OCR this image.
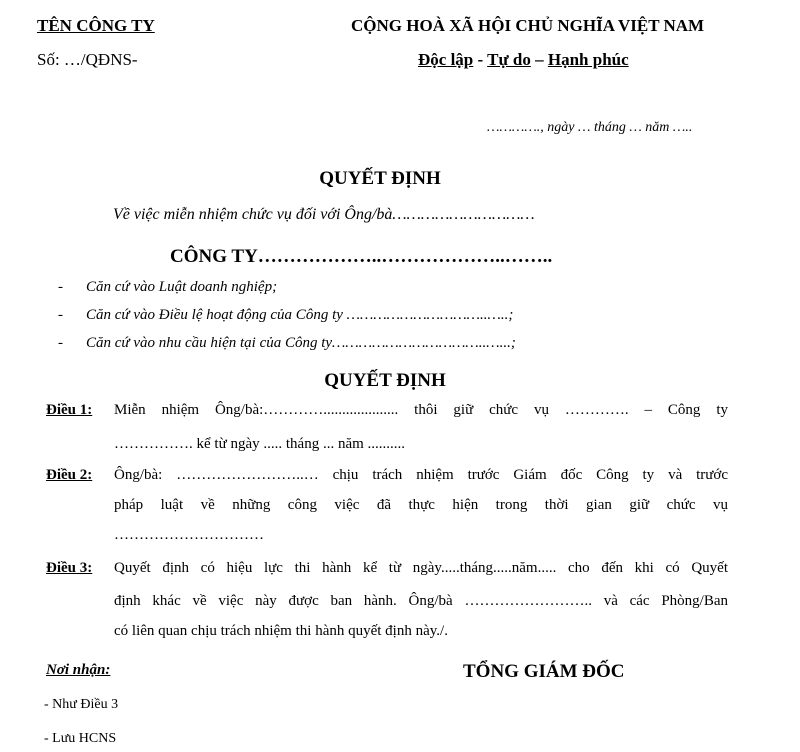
TÊN CÔNG TY
Số: …/QĐNS-
CỘNG HOÀ XÃ HỘI CHỦ NGHĨA VIỆT NAM
Độc lập - Tự do – Hạnh phúc
…………., ngày … tháng … năm …..
QUYẾT ĐỊNH
Về việc miễn nhiệm chức vụ đối với Ông/bà…………………………
CÔNG TY………………..………………..……..
- Căn cứ vào Luật doanh nghiệp;
- Căn cứ vào Điều lệ hoạt động của Công ty …………………………..…..;
- Căn cứ vào nhu cầu hiện tại của Công ty……………………………..…...;
QUYẾT ĐỊNH
Điều 1: Miễn nhiệm Ông/bà:………….................... thôi giữ chức vụ …………. – Công ty
……………. kể từ ngày ..... tháng ... năm ..........
Điều 2: Ông/bà: ……………………..… chịu trách nhiệm trước Giám đốc Công ty và trước
pháp luật về những công việc đã thực hiện trong thời gian giữ chức vụ
…………………………
Điều 3: Quyết định có hiệu lực thi hành kể từ ngày.....tháng.....năm..... cho đến khi có Quyết
định khác về việc này được ban hành. Ông/bà …………………….. và các Phòng/Ban
có liên quan chịu trách nhiệm thi hành quyết định này./.
Nơi nhận:
- Như Điều 3
- Lưu HCNS
TỔNG GIÁM ĐỐC
